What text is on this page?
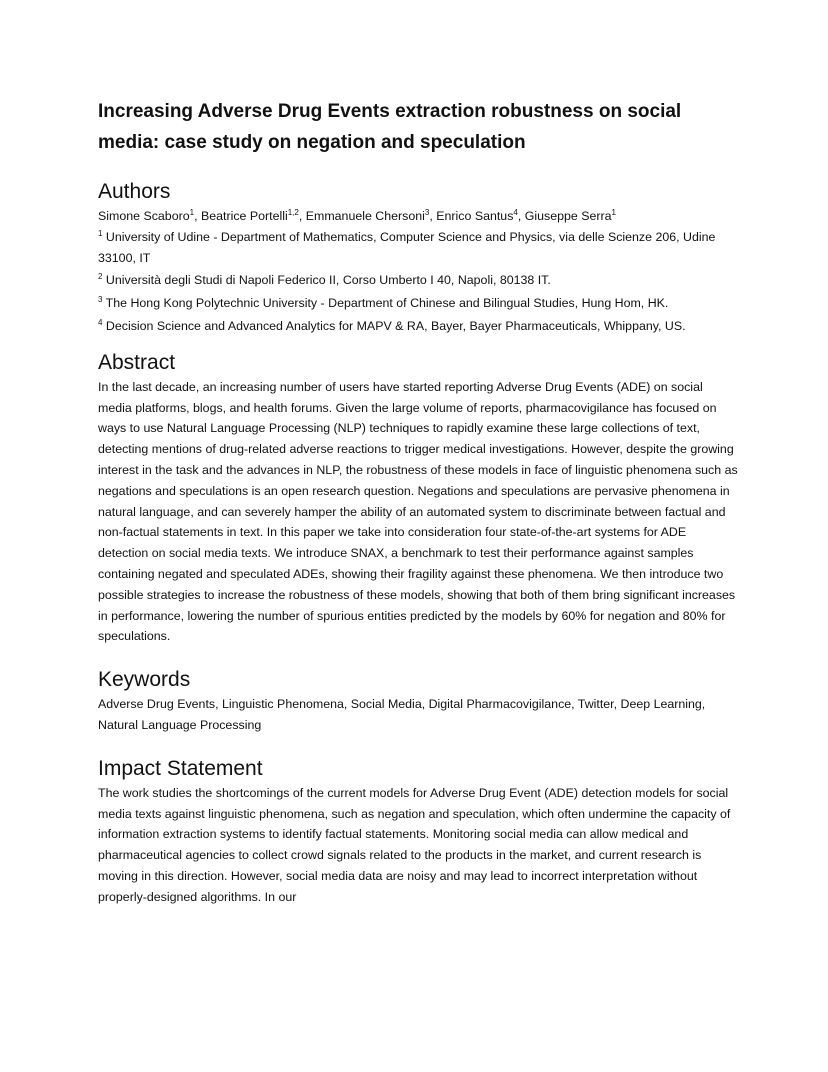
Increasing Adverse Drug Events extraction robustness on social media: case study on negation and speculation
Authors

Simone Scaboro$^1$, Beatrice Portelli$^{1,2}$, Emmanuele Chersoni$^3$, Enrico Santus$^4$, Giuseppe Serra$^1$

$^1$ University of Udine - Department of Mathematics, Computer Science and Physics, via delle Scienze 206, Udine 33100, IT

$^2$ Università degli Studi di Napoli Federico II, Corso Umberto I 40, Napoli, 80138 IT.

$^3$ The Hong Kong Polytechnic University - Department of Chinese and Bilingual Studies, Hung Hom, HK.

$^4$ Decision Science and Advanced Analytics for MAPV & RA, Bayer, Bayer Pharmaceuticals, Whippany, US.

Abstract

In the last decade, an increasing number of users have started reporting Adverse Drug Events (ADE) on social media platforms, blogs, and health forums. Given the large volume of reports, pharmacovigilance has focused on ways to use Natural Language Processing (NLP) techniques to rapidly examine these large collections of text, detecting mentions of drug-related adverse reactions to trigger medical investigations. However, despite the growing interest in the task and the advances in NLP, the robustness of these models in face of linguistic phenomena such as negations and speculations is an open research question. Negations and speculations are pervasive phenomena in natural language, and can severely hamper the ability of an automated system to discriminate between factual and non-factual statements in text. In this paper we take into consideration four state-of-the-art systems for ADE detection on social media texts. We introduce SNAX, a benchmark to test their performance against samples containing negated and speculated ADEs, showing their fragility against these phenomena. We then introduce two possible strategies to increase the robustness of these models, showing that both of them bring significant increases in performance, lowering the number of spurious entities predicted by the models by 60% for negation and 80% for speculations.

Keywords

Adverse Drug Events, Linguistic Phenomena, Social Media, Digital Pharmacovigilance, Twitter, Deep Learning, Natural Language Processing

Impact Statement

The work studies the shortcomings of the current models for Adverse Drug Event (ADE) detection models for social media texts against linguistic phenomena, such as negation and speculation, which often undermine the capacity of information extraction systems to identify factual statements. Monitoring social media can allow medical and pharmaceutical agencies to collect crowd signals related to the products in the market, and current research is moving in this direction. However, social media data are noisy and may lead to incorrect interpretation without properly-designed algorithms. In our
